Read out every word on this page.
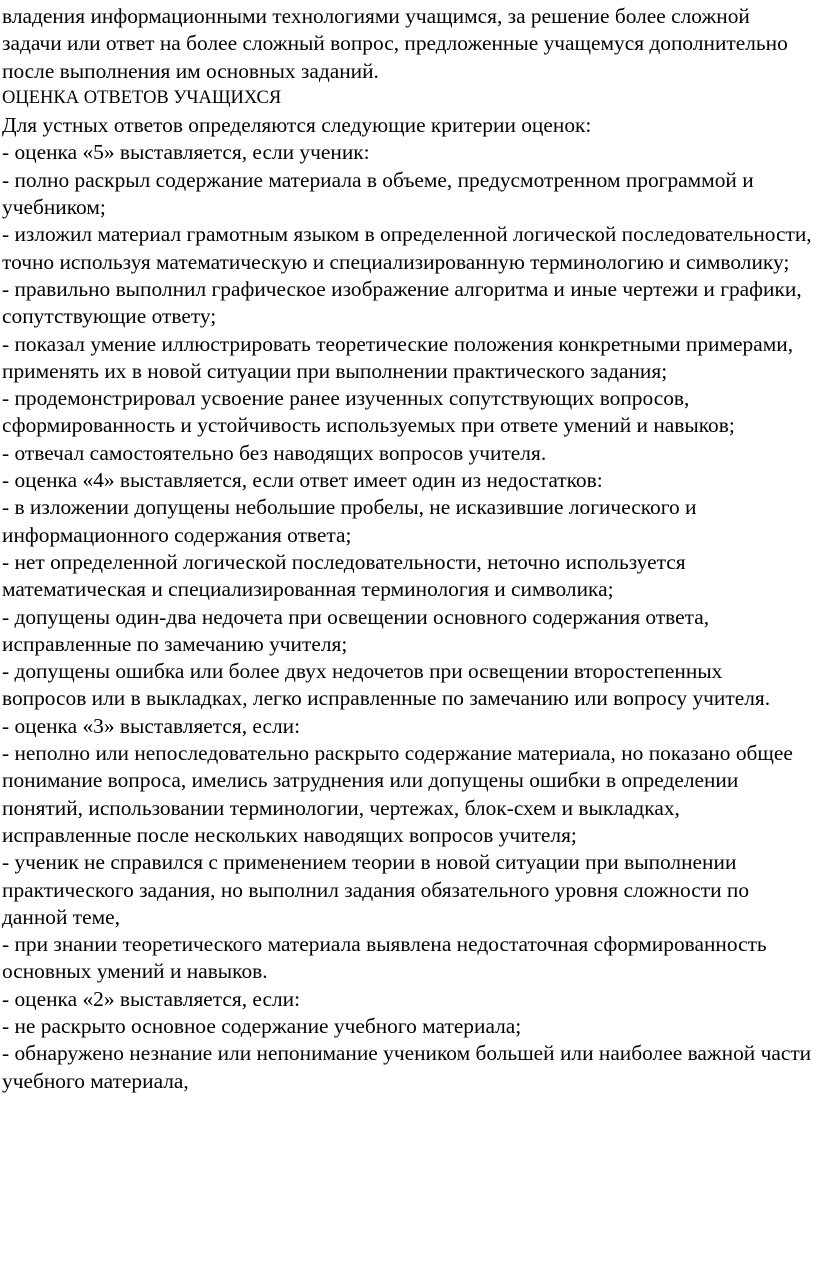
владения информационными технологиями учащимся, за решение более сложной задачи или ответ на более сложный вопрос, предложенные учащемуся дополнительно после выполнения им основных заданий.

ОЦЕНКА ОТВЕТОВ УЧАЩИХСЯ

Для устных ответов определяются следующие критерии оценок:

- оценка «5» выставляется, если ученик:

- полно раскрыл содержание материала в объеме, предусмотренном программой и учебником;

- изложил материал грамотным языком в определенной логической последовательности, точно используя математическую и специализированную терминологию и символику;

- правильно выполнил графическое изображение алгоритма и иные чертежи и графики, сопутствующие ответу;

- показал умение иллюстрировать теоретические положения конкретными примерами, применять их в новой ситуации при выполнении практического задания;

- продемонстрировал усвоение ранее изученных сопутствующих вопросов, сформированность и устойчивость используемых при ответе умений и навыков;

- отвечал самостоятельно без наводящих вопросов учителя.

- оценка «4» выставляется, если ответ имеет один из недостатков:

- в изложении допущены небольшие пробелы, не исказившие логического и информационного содержания ответа;

- нет определенной логической последовательности, неточно используется математическая и специализированная терминология и символика;

- допущены один-два недочета при освещении основного содержания ответа, исправленные по замечанию учителя;

- допущены ошибка или более двух недочетов при освещении второстепенных вопросов или в выкладках, легко исправленные по замечанию или вопросу учителя.

- оценка «3» выставляется, если:

- неполно или непоследовательно раскрыто содержание материала, но показано общее понимание вопроса, имелись затруднения или допущены ошибки в определении понятий, использовании терминологии, чертежах, блок-схем и выкладках, исправленные после нескольких наводящих вопросов учителя;

- ученик не справился с применением теории в новой ситуации при выполнении практического задания, но выполнил задания обязательного уровня сложности по данной теме,

- при знании теоретического материала выявлена недостаточная сформированность основных умений и навыков.

- оценка «2» выставляется, если:

- не раскрыто основное содержание учебного материала;

- обнаружено незнание или непонимание учеником большей или наиболее важной части учебного материала,
